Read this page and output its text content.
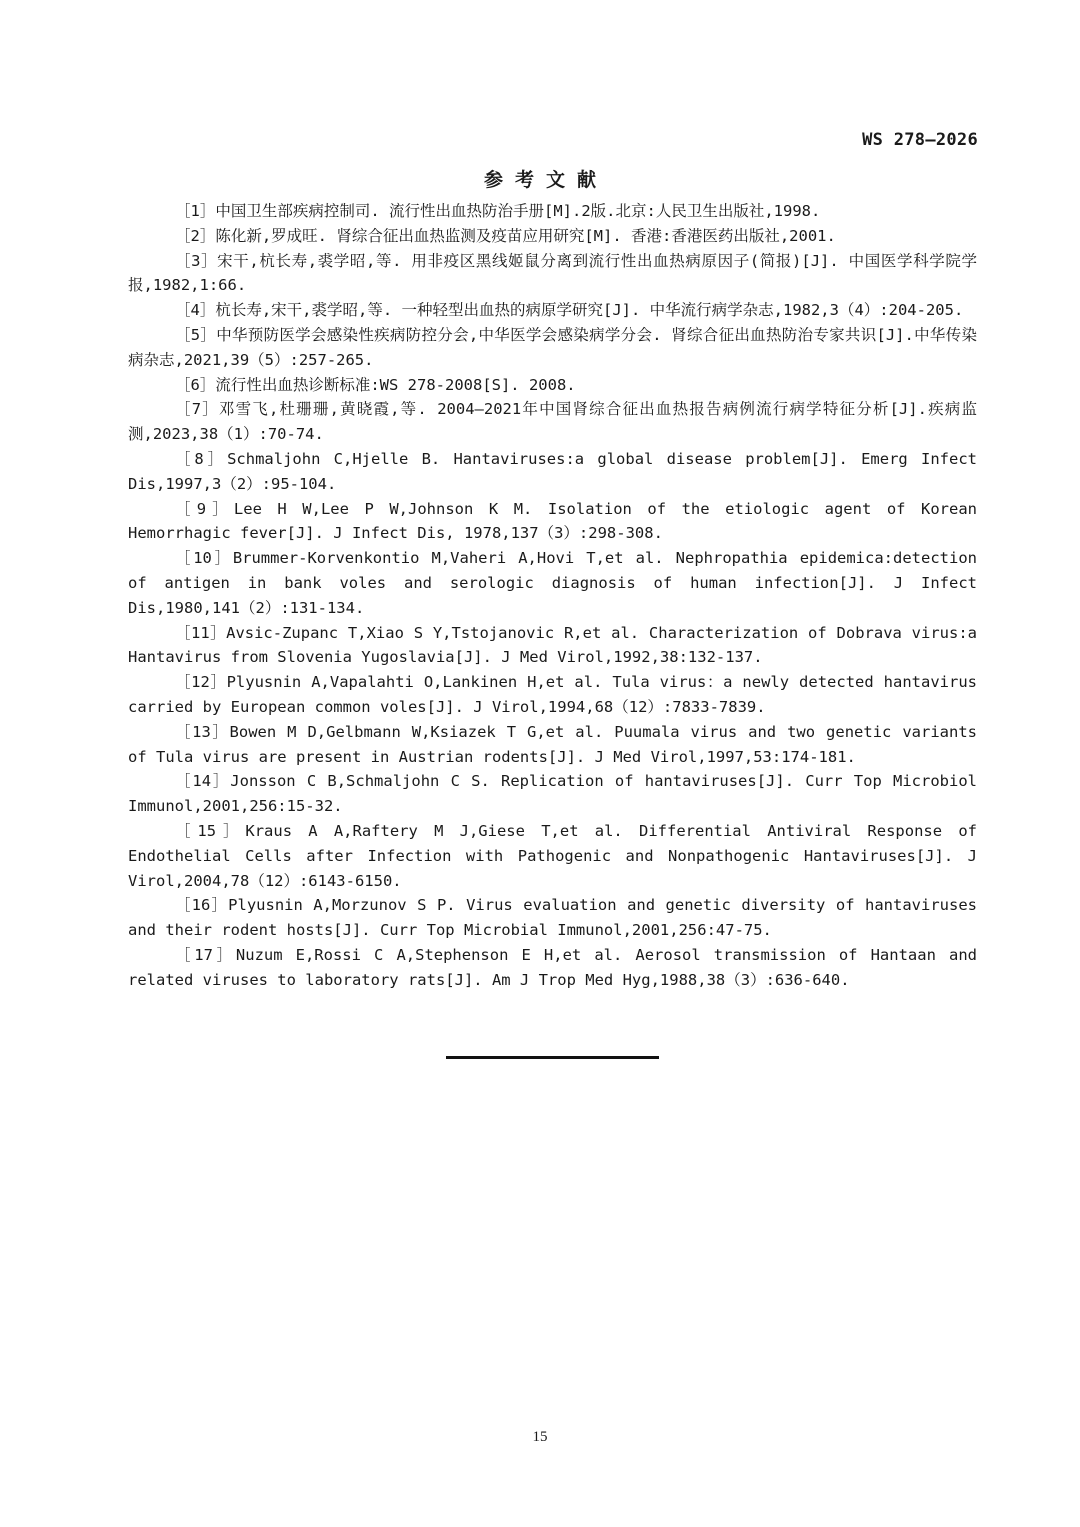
WS 278—2026
参考文献
［1］中国卫生部疾病控制司. 流行性出血热防治手册[M].2版.北京:人民卫生出版社,1998.
［2］陈化新,罗成旺. 肾综合征出血热监测及疫苗应用研究[M]. 香港:香港医药出版社,2001.
［3］宋干,杭长寿,裘学昭,等. 用非疫区黑线姬鼠分离到流行性出血热病原因子(简报)[J]. 中国医学科学院学报,1982,1:66.
［4］杭长寿,宋干,裘学昭,等. 一种轻型出血热的病原学研究[J]. 中华流行病学杂志,1982,3（4）:204-205.
［5］中华预防医学会感染性疾病防控分会,中华医学会感染病学分会. 肾综合征出血热防治专家共识[J].中华传染病杂志,2021,39（5）:257-265.
［6］流行性出血热诊断标准:WS 278-2008[S]. 2008.
［7］邓雪飞,杜珊珊,黄晓霞,等. 2004—2021年中国肾综合征出血热报告病例流行病学特征分析[J].疾病监测,2023,38（1）:70-74.
［8］Schmaljohn C,Hjelle B. Hantaviruses:a global disease problem[J]. Emerg Infect Dis,1997,3（2）:95-104.
［9］Lee H W,Lee P W,Johnson K M. Isolation of the etiologic agent of Korean Hemorrhagic fever[J]. J Infect Dis, 1978,137（3）:298-308.
［10］Brummer-Korvenkontio M,Vaheri A,Hovi T,et al. Nephropathia epidemica:detection of antigen in bank voles and serologic diagnosis of human infection[J]. J Infect Dis,1980,141（2）:131-134.
［11］Avsic-Zupanc T,Xiao S Y,Tstojanovic R,et al. Characterization of Dobrava virus:a Hantavirus from Slovenia Yugoslavia[J]. J Med Virol,1992,38:132-137.
［12］Plyusnin A,Vapalahti O,Lankinen H,et al. Tula virus：a newly detected hantavirus carried by European common voles[J]. J Virol,1994,68（12）:7833-7839.
［13］Bowen M D,Gelbmann W,Ksiazek T G,et al. Puumala virus and two genetic variants of Tula virus are present in Austrian rodents[J]. J Med Virol,1997,53:174-181.
［14］Jonsson C B,Schmaljohn C S. Replication of hantaviruses[J]. Curr Top Microbiol Immunol,2001,256:15-32.
［15］Kraus A A,Raftery M J,Giese T,et al. Differential Antiviral Response of Endothelial Cells after Infection with Pathogenic and Nonpathogenic Hantaviruses[J]. J Virol,2004,78（12）:6143-6150.
［16］Plyusnin A,Morzunov S P. Virus evaluation and genetic diversity of hantaviruses and their rodent hosts[J]. Curr Top Microbial Immunol,2001,256:47-75.
［17］Nuzum E,Rossi C A,Stephenson E H,et al. Aerosol transmission of Hantaan and related viruses to laboratory rats[J]. Am J Trop Med Hyg,1988,38（3）:636-640.
15
